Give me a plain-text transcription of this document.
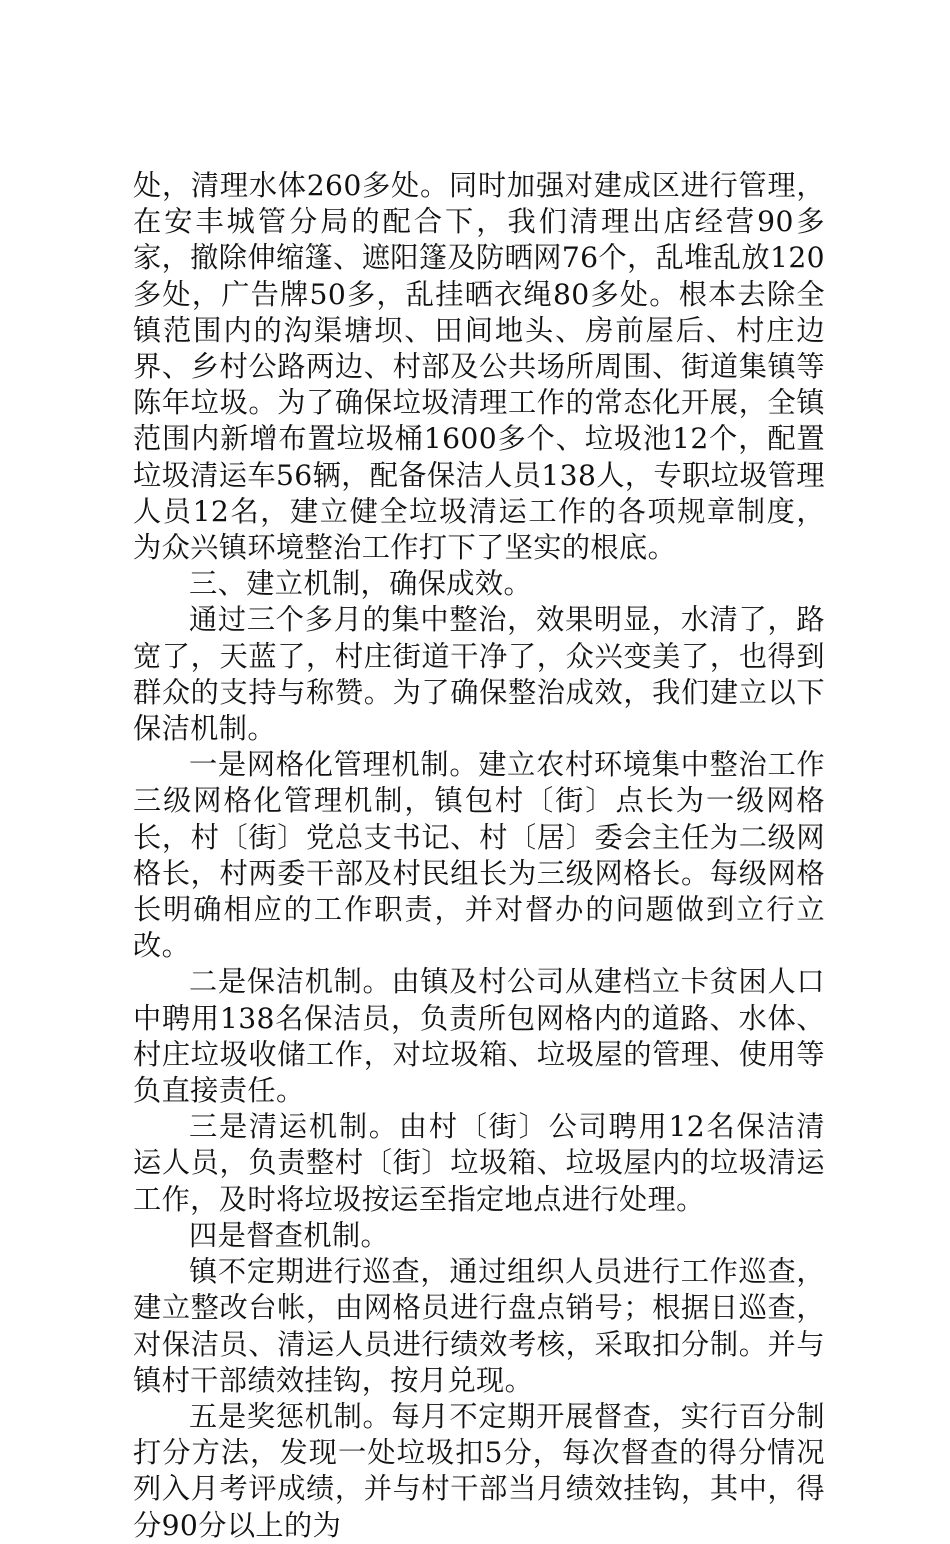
处，清理水体260多处。同时加强对建成区进行管理，在安丰城管分局的配合下，我们清理出店经营90多家，撤除伸缩篷、遮阳篷及防晒网76个，乱堆乱放120多处，广告牌50多，乱挂晒衣绳80多处。根本去除全镇范围内的沟渠塘坝、田间地头、房前屋后、村庄边界、乡村公路两边、村部及公共场所周围、街道集镇等陈年垃圾。为了确保垃圾清理工作的常态化开展，全镇范围内新增布置垃圾桶1600多个、垃圾池12个，配置垃圾清运车56辆，配备保洁人员138人，专职垃圾管理人员12名，建立健全垃圾清运工作的各项规章制度，为众兴镇环境整治工作打下了坚实的根底。

三、建立机制，确保成效。

通过三个多月的集中整治，效果明显，水清了，路宽了，天蓝了，村庄街道干净了，众兴变美了，也得到群众的支持与称赞。为了确保整治成效，我们建立以下保洁机制。

一是网格化管理机制。建立农村环境集中整治工作三级网格化管理机制，镇包村〔街〕点长为一级网格长，村〔街〕党总支书记、村〔居〕委会主任为二级网格长，村两委干部及村民组长为三级网格长。每级网格长明确相应的工作职责，并对督办的问题做到立行立改。

二是保洁机制。由镇及村公司从建档立卡贫困人口中聘用138名保洁员，负责所包网格内的道路、水体、村庄垃圾收储工作，对垃圾箱、垃圾屋的管理、使用等负直接责任。

三是清运机制。由村〔街〕公司聘用12名保洁清运人员，负责整村〔街〕垃圾箱、垃圾屋内的垃圾清运工作，及时将垃圾按运至指定地点进行处理。

四是督查机制。

镇不定期进行巡查，通过组织人员进行工作巡查，建立整改台帐，由网格员进行盘点销号；根据日巡查，对保洁员、清运人员进行绩效考核，采取扣分制。并与镇村干部绩效挂钩，按月兑现。

五是奖惩机制。每月不定期开展督查，实行百分制打分方法，发现一处垃圾扣5分，每次督查的得分情况列入月考评成绩，并与村干部当月绩效挂钩，其中，得分90分以上的为
